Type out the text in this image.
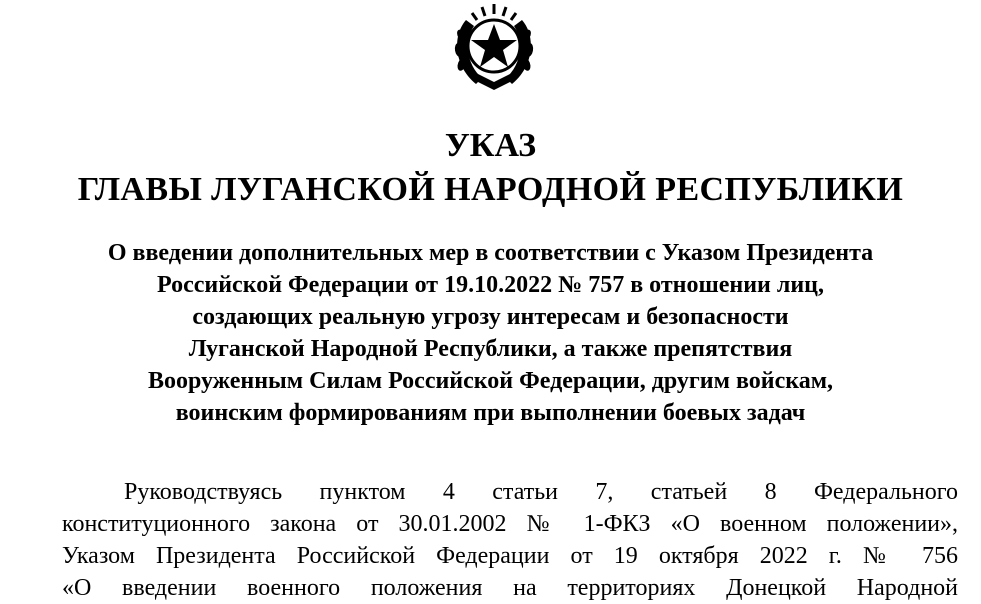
УКАЗ
ГЛАВЫ ЛУГАНСКОЙ НАРОДНОЙ РЕСПУБЛИКИ
О введении дополнительных мер в соответствии с Указом Президента
Российской Федерации от 19.10.2022 № 757 в отношении лиц,
создающих реальную угрозу интересам и безопасности
Луганской Народной Республики, а также препятствия
Вооруженным Силам Российской Федерации, другим войскам,
воинским формированиям при выполнении боевых задач
Руководствуясь пунктом 4 статьи 7, статьей 8 Федерального
конституционного закона от 30.01.2002 № 1-ФКЗ «О военном положении»,
Указом Президента Российской Федерации от 19 октября 2022 г. № 756
«О введении военного положения на территориях Донецкой Народной
